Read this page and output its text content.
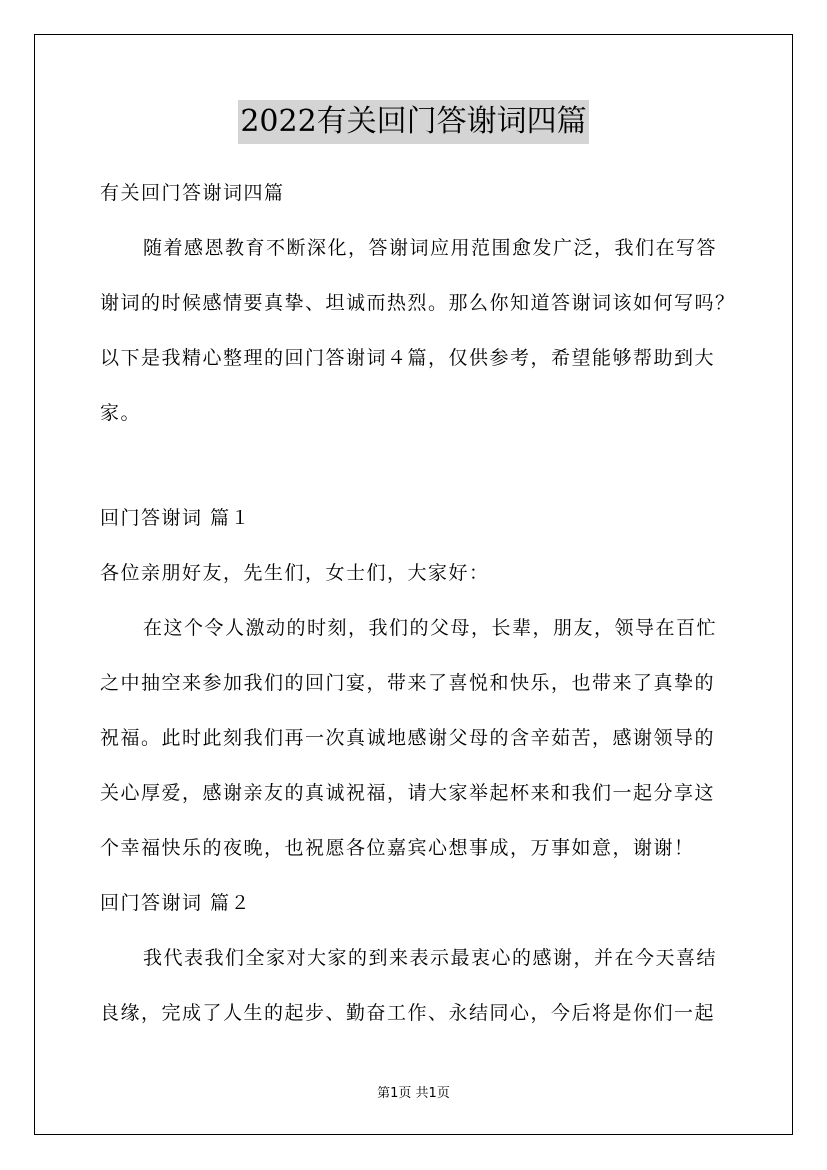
2022有关回门答谢词四篇
有关回门答谢词四篇
随着感恩教育不断深化，答谢词应用范围愈发广泛，我们在写答
谢词的时候感情要真挚、坦诚而热烈。那么你知道答谢词该如何写吗？
以下是我精心整理的回门答谢词４篇，仅供参考，希望能够帮助到大
家。
回门答谢词 篇１
各位亲朋好友，先生们，女士们，大家好：
在这个令人激动的时刻，我们的父母，长辈，朋友，领导在百忙
之中抽空来参加我们的回门宴，带来了喜悦和快乐，也带来了真挚的
祝福。此时此刻我们再一次真诚地感谢父母的含辛茹苦，感谢领导的
关心厚爱，感谢亲友的真诚祝福，请大家举起杯来和我们一起分享这
个幸福快乐的夜晚，也祝愿各位嘉宾心想事成，万事如意，谢谢！
回门答谢词 篇２
我代表我们全家对大家的到来表示最衷心的感谢，并在今天喜结
良缘，完成了人生的起步、勤奋工作、永结同心，今后将是你们一起
第1页 共1页
